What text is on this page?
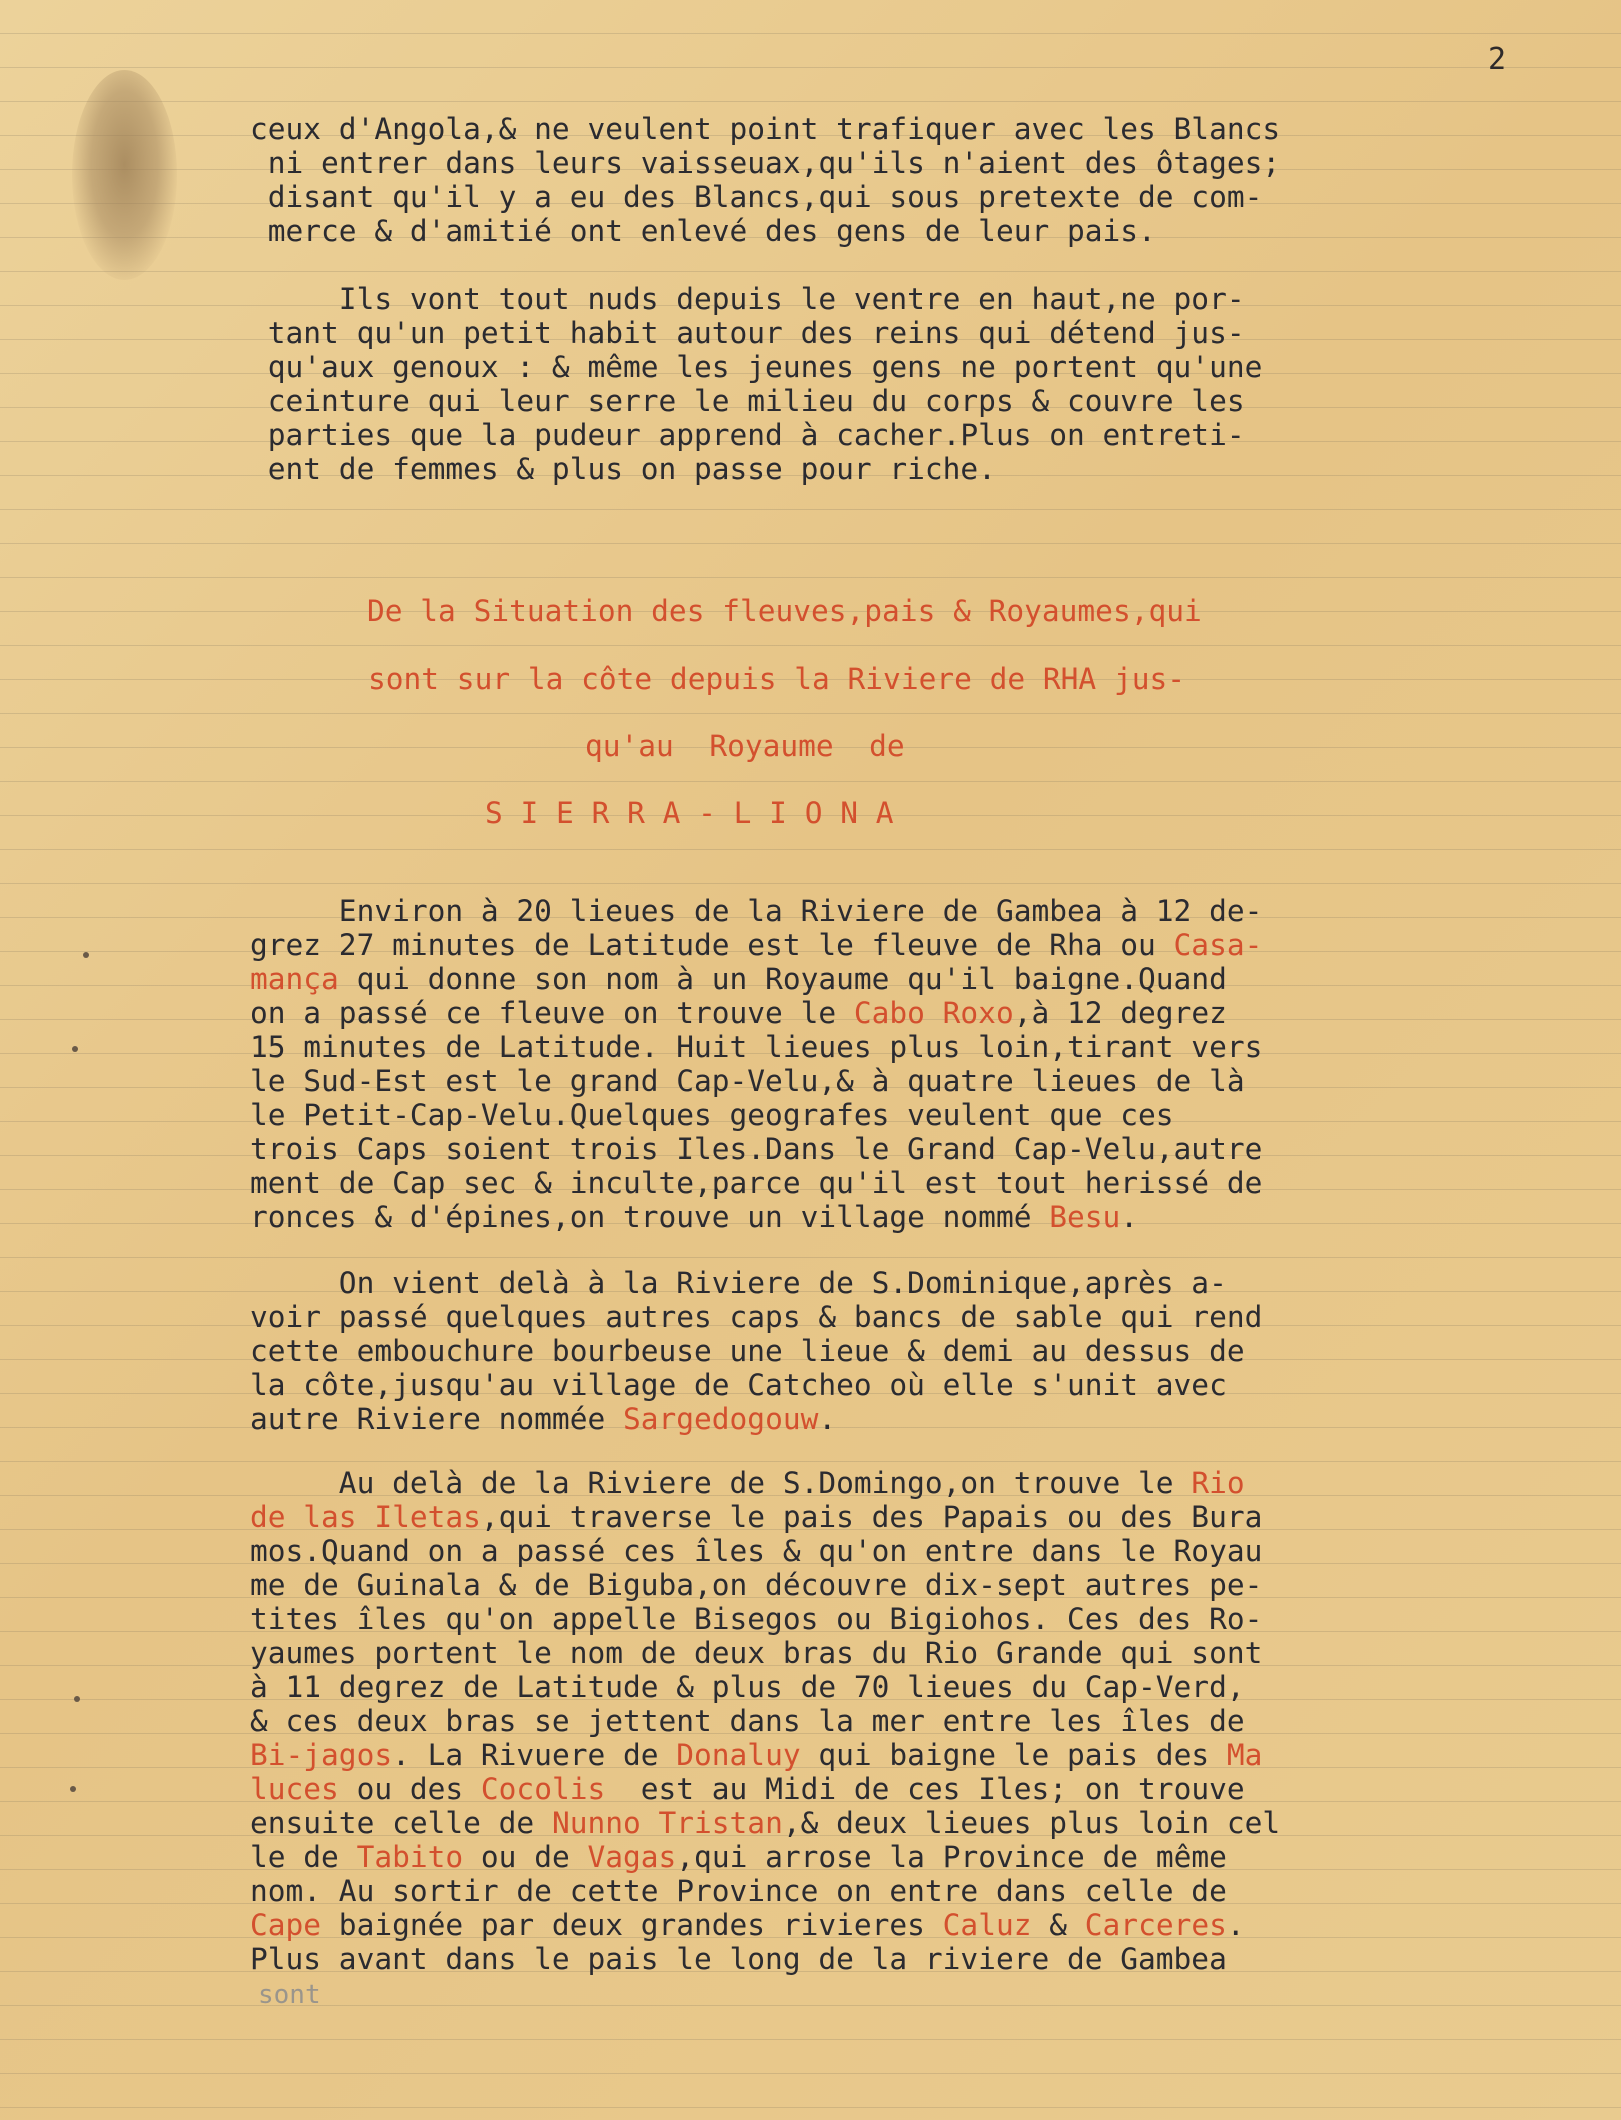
2
ceux d'Angola,& ne veulent point trafiquer avec les Blancs
ni entrer dans leurs vaisseuax,qu'ils n'aient des ôtages;
disant qu'il y a eu des Blancs,qui sous pretexte de com-
merce & d'amitié ont enlevé des gens de leur pais.
Ils vont tout nuds depuis le ventre en haut,ne por-
tant qu'un petit habit autour des reins qui détend jus-
qu'aux genoux : & même les jeunes gens ne portent qu'une
ceinture qui leur serre le milieu du corps & couvre les
parties que la pudeur apprend à cacher.Plus on entreti-
ent de femmes & plus on passe pour riche.
De la Situation des fleuves,pais & Royaumes,qui
sont sur la côte depuis la Riviere de RHA jus-
qu'au  Royaume  de
S I E R R A - L I O N A
Environ à 20 lieues de la Riviere de Gambea à 12 de-
grez 27 minutes de Latitude est le fleuve de Rha ou Casa-
mança qui donne son nom à un Royaume qu'il baigne.Quand
on a passé ce fleuve on trouve le Cabo Roxo,à 12 degrez
15 minutes de Latitude. Huit lieues plus loin,tirant vers
le Sud-Est est le grand Cap-Velu,& à quatre lieues de là
le Petit-Cap-Velu.Quelques geografes veulent que ces
trois Caps soient trois Iles.Dans le Grand Cap-Velu,autre
ment de Cap sec & inculte,parce qu'il est tout herissé de
ronces & d'épines,on trouve un village nommé Besu.
On vient delà à la Riviere de S.Dominique,après a-
voir passé quelques autres caps & bancs de sable qui rend
cette embouchure bourbeuse une lieue & demi au dessus de
la côte,jusqu'au village de Catcheo où elle s'unit avec
autre Riviere nommée Sargedogouw.
Au delà de la Riviere de S.Domingo,on trouve le Rio
de las Iletas,qui traverse le pais des Papais ou des Bura
mos.Quand on a passé ces îles & qu'on entre dans le Royau
me de Guinala & de Biguba,on découvre dix-sept autres pe-
tites îles qu'on appelle Bisegos ou Bigiohos. Ces des Ro-
yaumes portent le nom de deux bras du Rio Grande qui sont
à 11 degrez de Latitude & plus de 70 lieues du Cap-Verd,
& ces deux bras se jettent dans la mer entre les îles de
Bi-jagos. La Rivuere de Donaluy qui baigne le pais des Ma
luces ou des Cocolis  est au Midi de ces Iles; on trouve
ensuite celle de Nunno Tristan,& deux lieues plus loin cel
le de Tabito ou de Vagas,qui arrose la Province de même
nom. Au sortir de cette Province on entre dans celle de
Cape baignée par deux grandes rivieres Caluz & Carceres.
Plus avant dans le pais le long de la riviere de Gambea
sont
